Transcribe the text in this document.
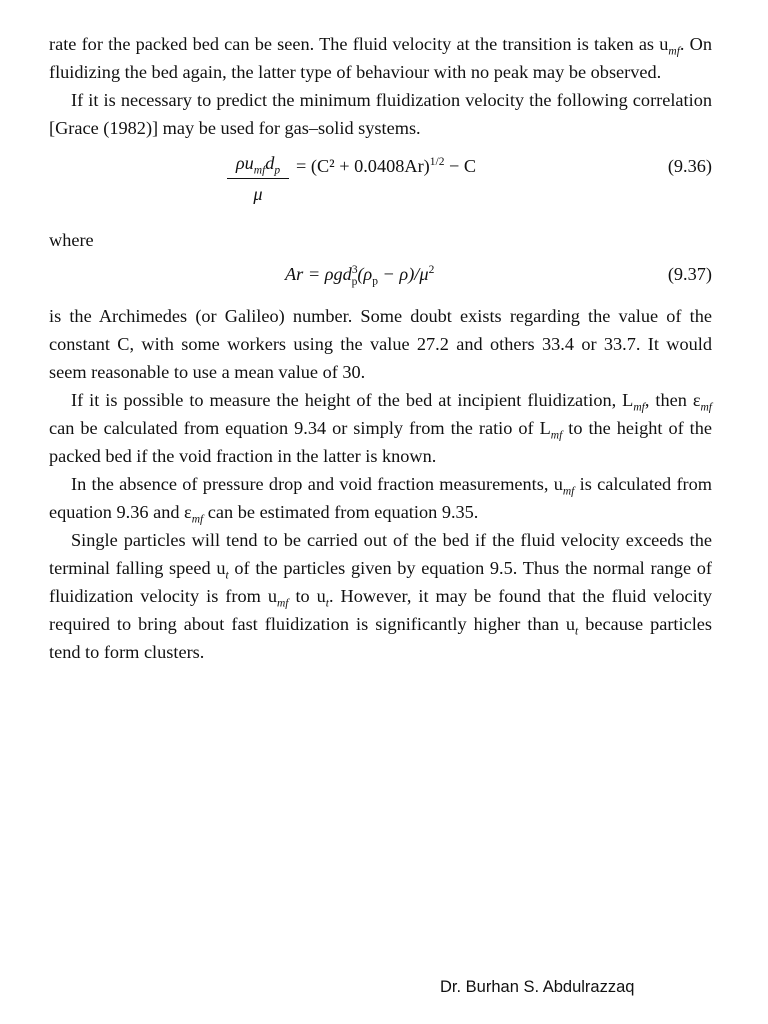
rate for the packed bed can be seen. The fluid velocity at the transition is taken as $u_{mf}$. On fluidizing the bed again, the latter type of behaviour with no peak may be observed.

If it is necessary to predict the minimum fluidization velocity the following correlation [Grace (1982)] may be used for gas–solid systems.

$\rho u_{mf}d_p$
μ
= $(C^2 + 0.0408Ar)^{1/2} - C$	(9.36)

where

$Ar = \rho gd^3_p(\rho_p - \rho)/\mu^2$	(9.37)

is the Archimedes (or Galileo) number. Some doubt exists regarding the value of the constant C, with some workers using the value 27.2 and others 33.4 or 33.7. It would seem reasonable to use a mean value of 30.

If it is possible to measure the height of the bed at incipient fluidization, $L_{mf}$, then $\varepsilon_{mf}$ can be calculated from equation 9.34 or simply from the ratio of $L_{mf}$ to the height of the packed bed if the void fraction in the latter is known.

In the absence of pressure drop and void fraction measurements, $u_{mf}$ is calculated from equation 9.36 and $\varepsilon_{mf}$ can be estimated from equation 9.35.

Single particles will tend to be carried out of the bed if the fluid velocity exceeds the terminal falling speed $u_t$ of the particles given by equation 9.5. Thus the normal range of fluidization velocity is from $u_{mf}$ to $u_t$. However, it may be found that the fluid velocity required to bring about fast fluidization is significantly higher than $u_t$ because particles tend to form clusters.

Dr. Burhan S. Abdulrazzaq
